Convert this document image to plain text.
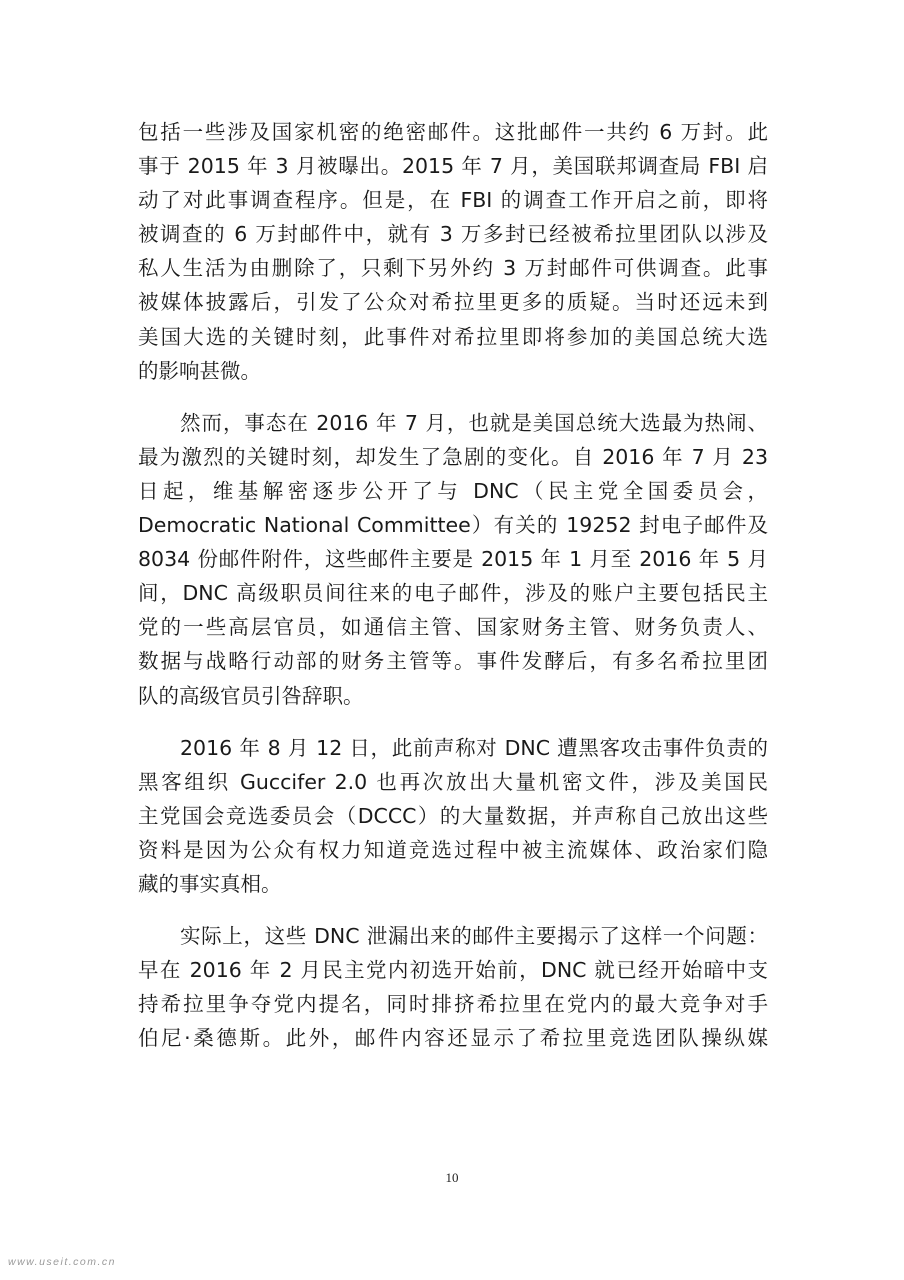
包括一些涉及国家机密的绝密邮件。这批邮件一共约 6 万封。此
事于 2015 年 3 月被曝出。2015 年 7 月，美国联邦调查局 FBI 启
动了对此事调查程序。但是，在 FBI 的调查工作开启之前，即将
被调查的 6 万封邮件中，就有 3 万多封已经被希拉里团队以涉及
私人生活为由删除了，只剩下另外约 3 万封邮件可供调查。此事
被媒体披露后，引发了公众对希拉里更多的质疑。当时还远未到
美国大选的关键时刻，此事件对希拉里即将参加的美国总统大选
的影响甚微。
然而，事态在 2016 年 7 月，也就是美国总统大选最为热闹、
最为激烈的关键时刻，却发生了急剧的变化。自 2016 年 7 月 23
日起，维基解密逐步公开了与 DNC（民主党全国委员会，
Democratic National Committee）有关的 19252 封电子邮件及
8034 份邮件附件，这些邮件主要是 2015 年 1 月至 2016 年 5 月
间，DNC 高级职员间往来的电子邮件，涉及的账户主要包括民主
党的一些高层官员，如通信主管、国家财务主管、财务负责人、
数据与战略行动部的财务主管等。事件发酵后，有多名希拉里团
队的高级官员引咎辞职。
2016 年 8 月 12 日，此前声称对 DNC 遭黑客攻击事件负责的
黑客组织 Guccifer 2.0 也再次放出大量机密文件，涉及美国民
主党国会竞选委员会（DCCC）的大量数据，并声称自己放出这些
资料是因为公众有权力知道竞选过程中被主流媒体、政治家们隐
藏的事实真相。
实际上，这些 DNC 泄漏出来的邮件主要揭示了这样一个问题：
早在 2016 年 2 月民主党内初选开始前，DNC 就已经开始暗中支
持希拉里争夺党内提名，同时排挤希拉里在党内的最大竞争对手
伯尼·桑德斯。此外，邮件内容还显示了希拉里竞选团队操纵媒
10
www.useit.com.cn
